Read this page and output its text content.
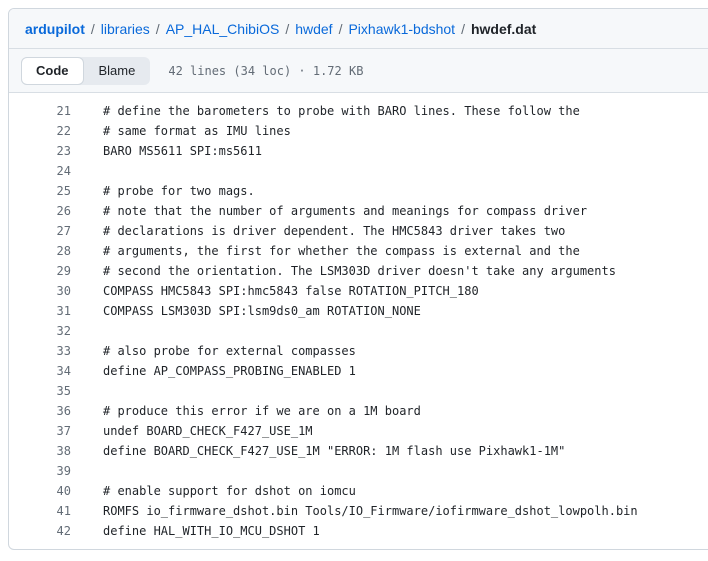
ardupilot / libraries / AP_HAL_ChibiOS / hwdef / Pixhawk1-bdshot / hwdef.dat
Code	Blame	42 lines (34 loc) · 1.72 KB
21	# define the barometers to probe with BARO lines. These follow the
22	# same format as IMU lines
23	BARO MS5611 SPI:ms5611
24
25	# probe for two mags.
26	# note that the number of arguments and meanings for compass driver
27	# declarations is driver dependent. The HMC5843 driver takes two
28	# arguments, the first for whether the compass is external and the
29	# second the orientation. The LSM303D driver doesn't take any arguments
30	COMPASS HMC5843 SPI:hmc5843 false ROTATION_PITCH_180
31	COMPASS LSM303D SPI:lsm9ds0_am ROTATION_NONE
32
33	# also probe for external compasses
34	define AP_COMPASS_PROBING_ENABLED 1
35
36	# produce this error if we are on a 1M board
37	undef BOARD_CHECK_F427_USE_1M
38	define BOARD_CHECK_F427_USE_1M "ERROR: 1M flash use Pixhawk1-1M"
39
40	# enable support for dshot on iomcu
41	ROMFS io_firmware_dshot.bin Tools/IO_Firmware/iofirmware_dshot_lowpolh.bin
42	define HAL_WITH_IO_MCU_DSHOT 1
